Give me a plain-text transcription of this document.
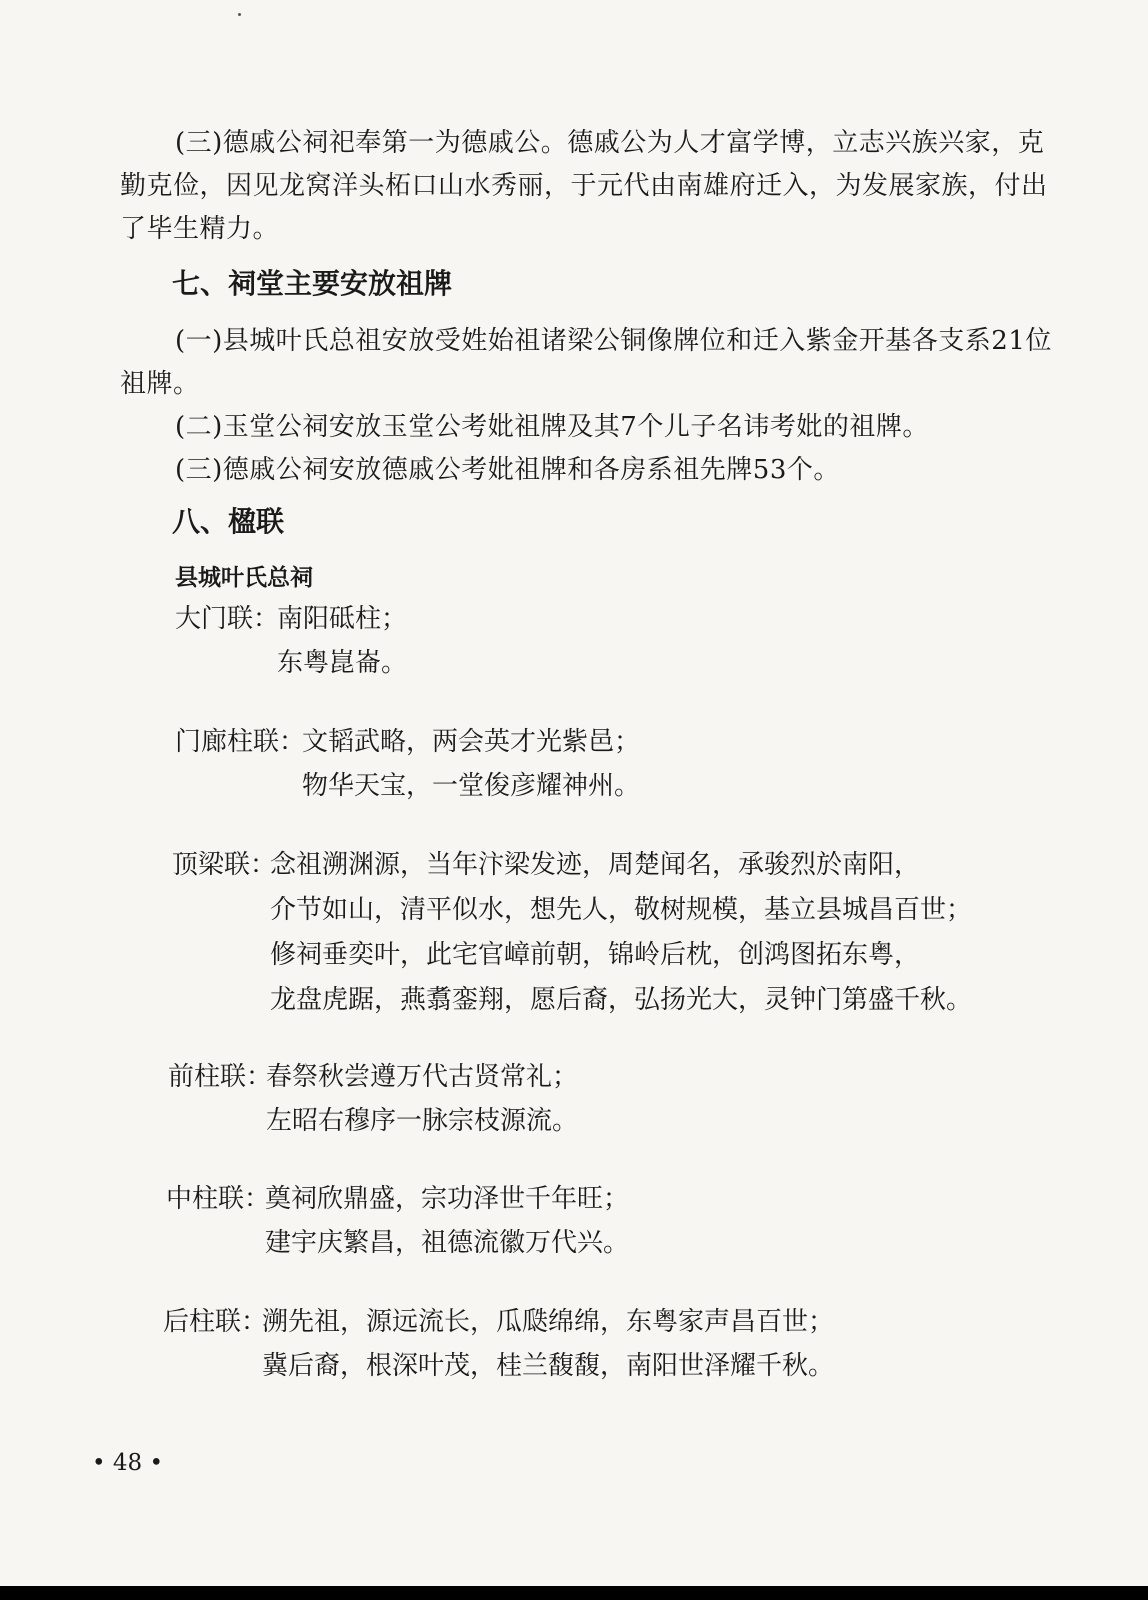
(三)德戚公祠祀奉第一为德戚公。德戚公为人才富学博，立志兴族兴家，克
勤克俭，因见龙窝洋头柘口山水秀丽，于元代由南雄府迁入，为发展家族，付出
了毕生精力。
七、祠堂主要安放祖牌
(一)县城叶氏总祖安放受姓始祖诸梁公铜像牌位和迁入紫金开基各支系21位
祖牌。
(二)玉堂公祠安放玉堂公考妣祖牌及其7个儿子名讳考妣的祖牌。
(三)德戚公祠安放德戚公考妣祖牌和各房系祖先牌53个。
八、楹联
县城叶氏总祠
大门联：
南阳砥柱；
东粤崑崙。
门廊柱联：
文韬武略，两会英才光紫邑；
物华天宝，一堂俊彦耀神州。
顶梁联：
念祖溯渊源，当年汴梁发迹，周楚闻名，承骏烈於南阳，
介节如山，清平似水，想先人，敬树规模，基立县城昌百世；
修祠垂奕叶，此宅官嶂前朝，锦岭后枕，创鸿图拓东粤，
龙盘虎踞，燕翥銮翔，愿后裔，弘扬光大，灵钟门第盛千秋。
前柱联：
春祭秋尝遵万代古贤常礼；
左昭右穆序一脉宗枝源流。
中柱联：
奠祠欣鼎盛，宗功泽世千年旺；
建宇庆繁昌，祖德流徽万代兴。
后柱联：
溯先祖，源远流长，瓜瓞绵绵，东粤家声昌百世；
冀后裔，根深叶茂，桂兰馥馥，南阳世泽耀千秋。
• 48 •
